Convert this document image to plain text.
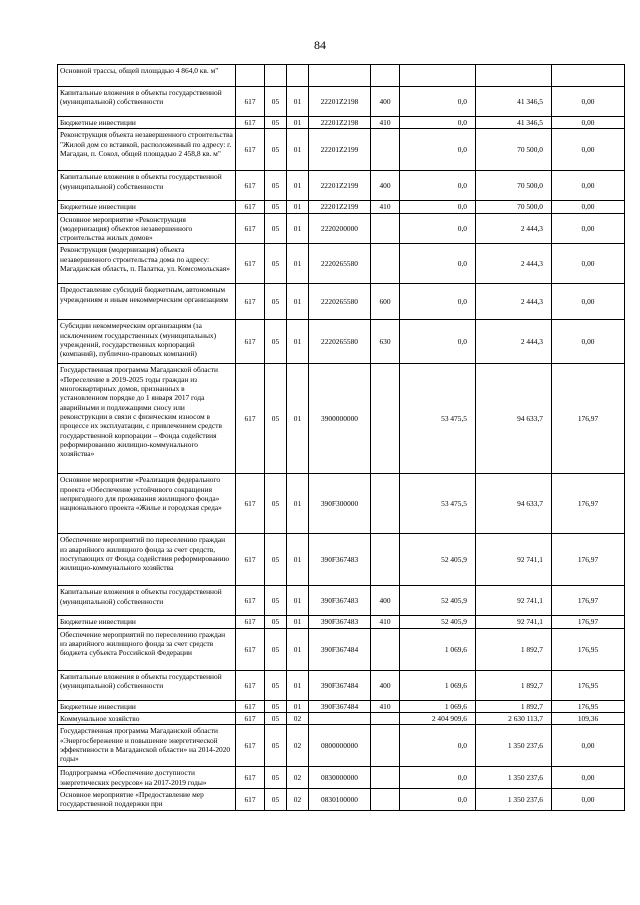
84
Основной трассы, общей площадью 4 864,0 кв. м"								
Капитальные вложения в объекты государственной (муниципальной) собственности	617	05	01	22201Z2198	400	0,0	41 346,5	0,00
Бюджетные инвестиции	617	05	01	22201Z2198	410	0,0	41 346,5	0,00
Реконструкция объекта незавершенного строительства "Жилой дом со вставкой, расположенный по адресу: г. Магадан, п. Сокол, общей площадью 2 458,8 кв. м"	617	05	01	22201Z2199		0,0	70 500,0	0,00
Капитальные вложения в объекты государственной (муниципальной) собственности	617	05	01	22201Z2199	400	0,0	70 500,0	0,00
Бюджетные инвестиции	617	05	01	22201Z2199	410	0,0	70 500,0	0,00
Основное мероприятие «Реконструкция (модернизация) объектов незавершенного строительства жилых домов»	617	05	01	2220200000		0,0	2 444,3	0,00
Реконструкция (модернизация) объекта незавершенного строительства дома по адресу: Магаданская область, п. Палатка, ул. Комсомольская»	617	05	01	2220265580		0,0	2 444,3	0,00
Предоставление субсидий бюджетным, автономным учреждениям и иным некоммерческим организациям	617	05	01	2220265580	600	0,0	2 444,3	0,00
Субсидии некоммерческим организациям (за исключением государственных (муниципальных) учреждений, государственных корпораций (компаний), публично-правовых компаний)	617	05	01	2220265580	630	0,0	2 444,3	0,00
Государственная программа Магаданской области «Переселение в 2019-2025 годы граждан из многоквартирных домов, признанных в установленном порядке до 1 января 2017 года аварийными и подлежащими сносу или реконструкции в связи с физическим износом в процессе их эксплуатации, с привлечением средств государственной корпорации – Фонда содействия реформированию жилищно-коммунального хозяйства»	617	05	01	3900000000		53 475,5	94 633,7	176,97
Основное мероприятие «Реализация федерального проекта «Обеспечение устойчивого сокращения непригодного для проживания жилищного фонда» национального проекта «Жилье и городская среда»	617	05	01	390F300000		53 475,5	94 633,7	176,97
Обеспечение мероприятий по переселению граждан из аварийного жилищного фонда за счет средств, поступающих от Фонда содействия реформированию жилищно-коммунального хозяйства	617	05	01	390F367483		52 405,9	92 741,1	176,97
Капитальные вложения в объекты государственной (муниципальной) собственности	617	05	01	390F367483	400	52 405,9	92 741,1	176,97
Бюджетные инвестиции	617	05	01	390F367483	410	52 405,9	92 741,1	176,97
Обеспечение мероприятий по переселению граждан из аварийного жилищного фонда за счет средств бюджета субъекта Российской Федерации	617	05	01	390F367484		1 069,6	1 892,7	176,95
Капитальные вложения в объекты государственной (муниципальной) собственности	617	05	01	390F367484	400	1 069,6	1 892,7	176,95
Бюджетные инвестиции	617	05	01	390F367484	410	1 069,6	1 892,7	176,95
Коммунальное хозяйство	617	05	02			2 404 909,6	2 630 113,7	109,36
Государственная программа Магаданской области «Энергосбережение и повышение энергетической эффективности в Магаданской области» на 2014-2020 годы»	617	05	02	0800000000		0,0	1 350 237,6	0,00
Подпрограмма «Обеспечение доступности энергетических ресурсов» на 2017-2019 годы»	617	05	02	0830000000		0,0	1 350 237,6	0,00
Основное мероприятие «Предоставление мер государственной поддержки при	617	05	02	0830100000		0,0	1 350 237,6	0,00
